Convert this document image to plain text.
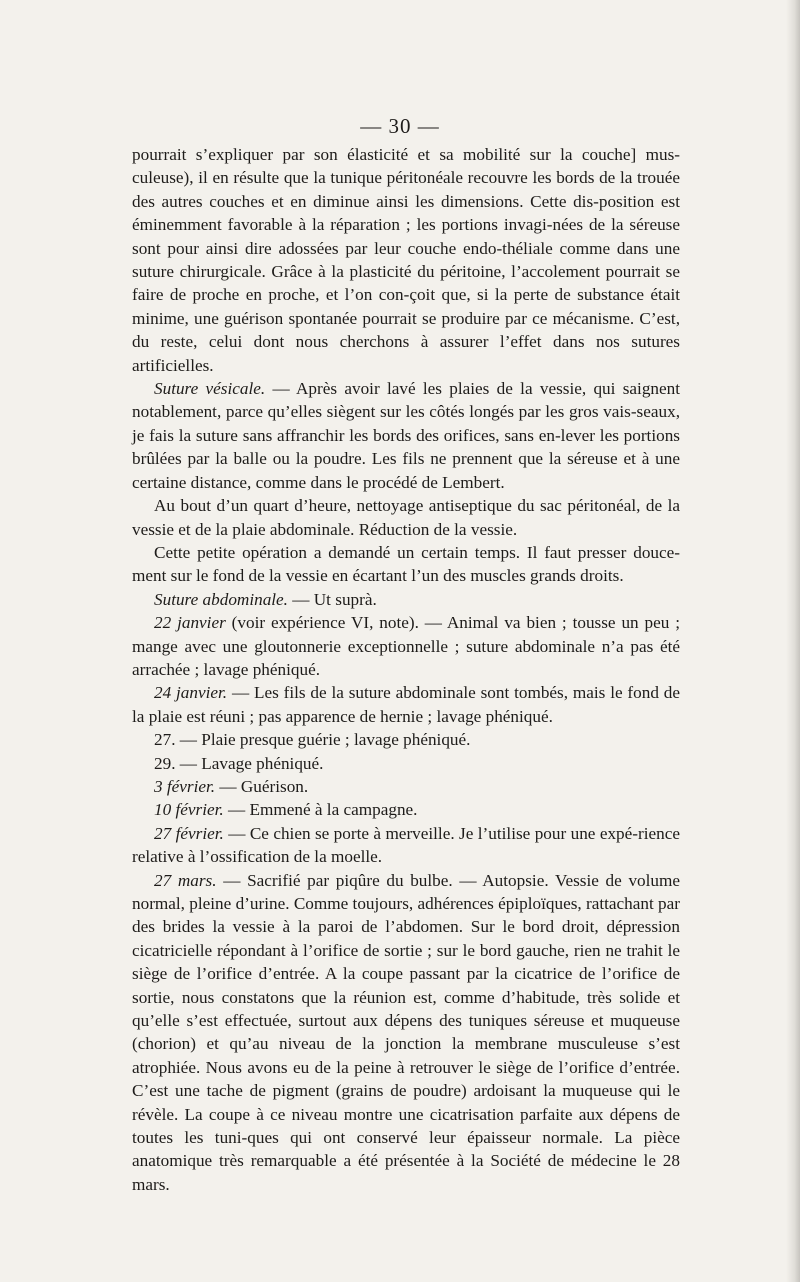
— 30 —

pourrait s’expliquer par son élasticité et sa mobilité sur la couche] mus-culeuse), il en résulte que la tunique péritonéale recouvre les bords de la trouée des autres couches et en diminue ainsi les dimensions. Cette dis-position est éminemment favorable à la réparation ; les portions invagi-nées de la séreuse sont pour ainsi dire adossées par leur couche endo-théliale comme dans une suture chirurgicale. Grâce à la plasticité du péritoine, l’accolement pourrait se faire de proche en proche, et l’on con-çoit que, si la perte de substance était minime, une guérison spontanée pourrait se produire par ce mécanisme. C’est, du reste, celui dont nous cherchons à assurer l’effet dans nos sutures artificielles.

Suture vésicale. — Après avoir lavé les plaies de la vessie, qui saignent notablement, parce qu’elles siègent sur les côtés longés par les gros vais-seaux, je fais la suture sans affranchir les bords des orifices, sans en-lever les portions brûlées par la balle ou la poudre. Les fils ne prennent que la séreuse et à une certaine distance, comme dans le procédé de Lembert.

Au bout d’un quart d’heure, nettoyage antiseptique du sac péritonéal, de la vessie et de la plaie abdominale. Réduction de la vessie.

Cette petite opération a demandé un certain temps. Il faut presser douce-ment sur le fond de la vessie en écartant l’un des muscles grands droits.

Suture abdominale. — Ut suprà.

22 janvier (voir expérience VI, note). — Animal va bien ; tousse un peu ; mange avec une gloutonnerie exceptionnelle ; suture abdominale n’a pas été arrachée ; lavage phéniqué.

24 janvier. — Les fils de la suture abdominale sont tombés, mais le fond de la plaie est réuni ; pas apparence de hernie ; lavage phéniqué.

27. — Plaie presque guérie ; lavage phéniqué.

29. — Lavage phéniqué.

3 février. — Guérison.

10 février. — Emmené à la campagne.

27 février. — Ce chien se porte à merveille. Je l’utilise pour une expé-rience relative à l’ossification de la moelle.

27 mars. — Sacrifié par piqûre du bulbe. — Autopsie. Vessie de volume normal, pleine d’urine. Comme toujours, adhérences épiploïques, rattachant par des brides la vessie à la paroi de l’abdomen. Sur le bord droit, dépression cicatricielle répondant à l’orifice de sortie ; sur le bord gauche, rien ne trahit le siège de l’orifice d’entrée. A la coupe passant par la cicatrice de l’orifice de sortie, nous constatons que la réunion est, comme d’habitude, très solide et qu’elle s’est effectuée, surtout aux dépens des tuniques séreuse et muqueuse (chorion) et qu’au niveau de la jonction la membrane musculeuse s’est atrophiée. Nous avons eu de la peine à retrouver le siège de l’orifice d’entrée. C’est une tache de pigment (grains de poudre) ardoisant la muqueuse qui le révèle. La coupe à ce niveau montre une cicatrisation parfaite aux dépens de toutes les tuni-ques qui ont conservé leur épaisseur normale. La pièce anatomique très remarquable a été présentée à la Société de médecine le 28 mars.
